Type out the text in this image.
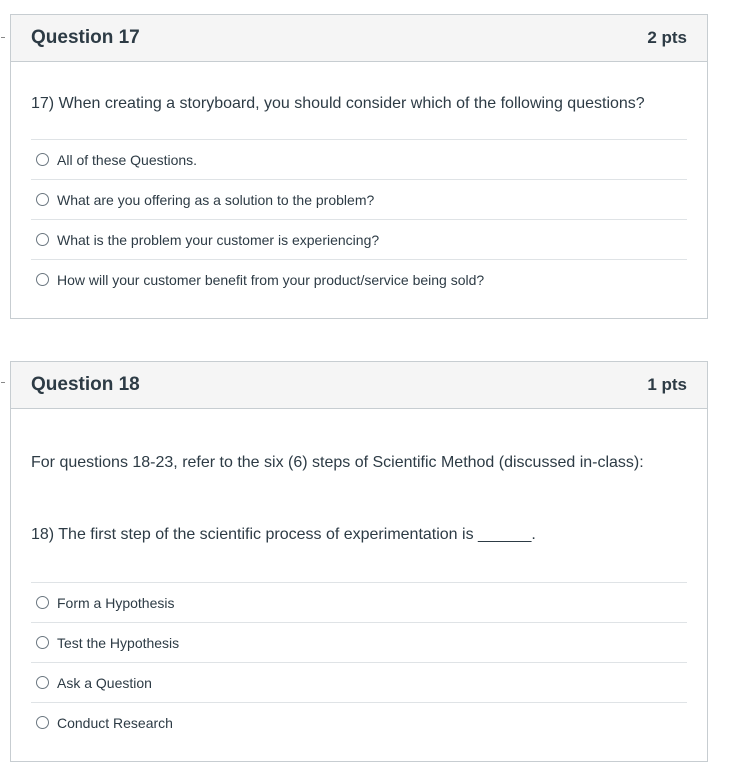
Question 17	2 pts

17) When creating a storyboard, you should consider which of the following questions?

All of these Questions.
What are you offering as a solution to the problem?
What is the problem your customer is experiencing?
How will your customer benefit from your product/service being sold?
Question 18	1 pts

For questions 18-23, refer to the six (6) steps of Scientific Method (discussed in-class):

18) The first step of the scientific process of experimentation is ______.

Form a Hypothesis
Test the Hypothesis
Ask a Question
Conduct Research
